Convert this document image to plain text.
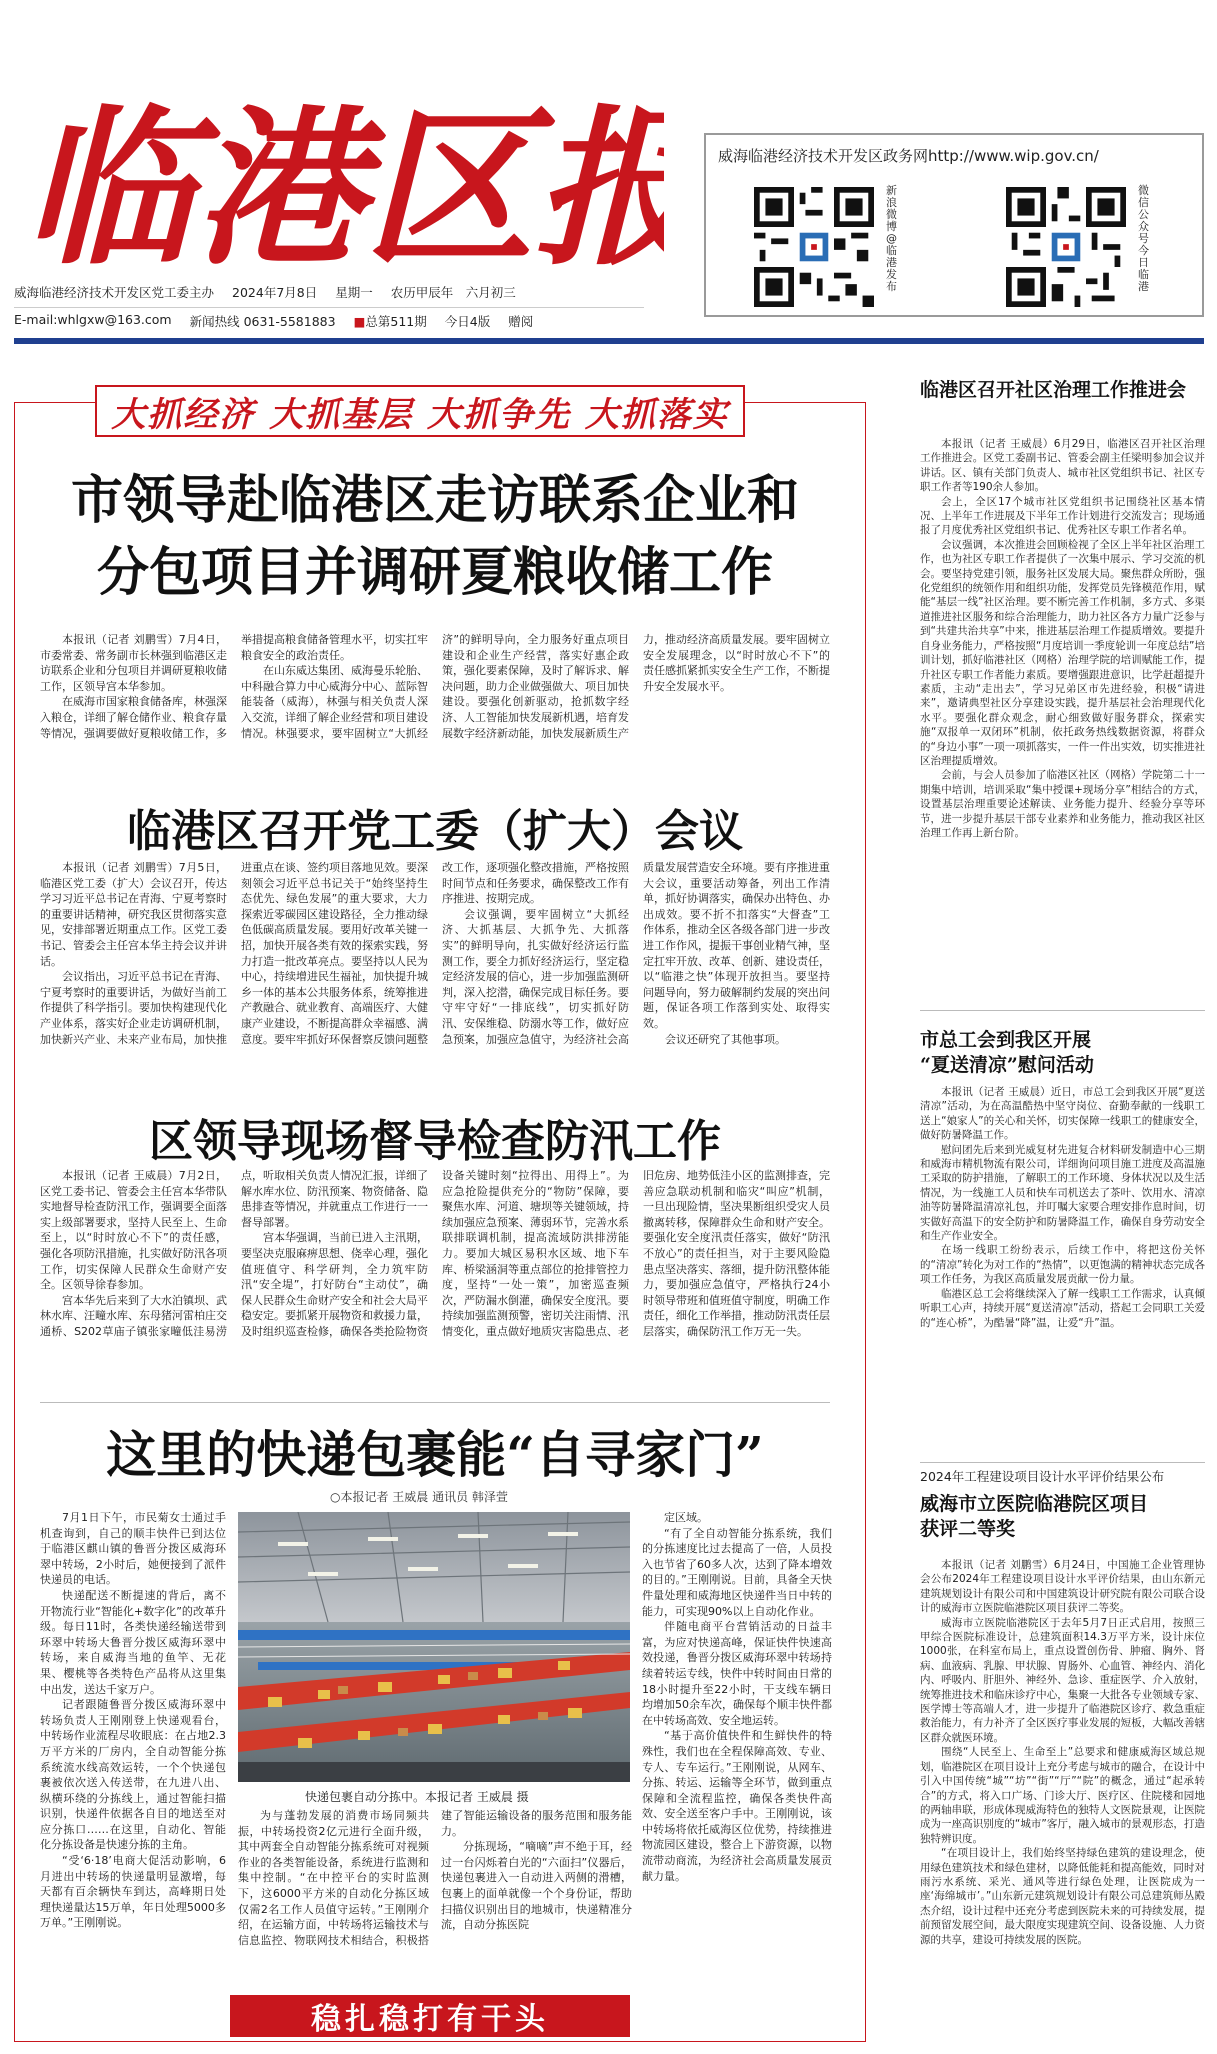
临港区报
威海临港经济技术开发区党工委主办 2024年7月8日 星期一 农历甲辰年　六月初三
E-mail:whlgxw@163.com 新闻热线 0631-5581883 ■总第511期 今日4版 赠阅
威海临港经济技术开发区政务网http://www.wip.gov.cn/
新浪微博@临港发布
微信公众号今日临港
大抓经济 大抓基层 大抓争先 大抓落实
市领导赴临港区走访联系企业和
分包项目并调研夏粮收储工作

本报讯（记者 刘鹏雪）7月4日，市委常委、常务副市长林强到临港区走访联系企业和分包项目并调研夏粮收储工作，区领导宫本华参加。

在威海市国家粮食储备库，林强深入粮仓，详细了解仓储作业、粮食存量等情况，强调要做好夏粮收储工作，多举措提高粮食储备管理水平，切实扛牢粮食安全的政治责任。

在山东威达集团、威海曼乐轮胎、中科融合算力中心威海分中心、蓝际智能装备（威海），林强与相关负责人深入交流，详细了解企业经营和项目建设情况。林强要求，要牢固树立“大抓经济”的鲜明导向，全力服务好重点项目建设和企业生产经营，落实好惠企政策，强化要素保障，及时了解诉求、解决问题，助力企业做强做大、项目加快建设。要强化创新驱动，抢抓数字经济、人工智能加快发展新机遇，培育发展数字经济新动能，加快发展新质生产力，推动经济高质量发展。要牢固树立安全发展理念，以“时时放心不下”的责任感抓紧抓实安全生产工作，不断提升安全发展水平。

临港区召开党工委（扩大）会议

本报讯（记者 刘鹏雪）7月5日，临港区党工委（扩大）会议召开，传达学习习近平总书记在青海、宁夏考察时的重要讲话精神，研究我区贯彻落实意见，安排部署近期重点工作。区党工委书记、管委会主任宫本华主持会议并讲话。

会议指出，习近平总书记在青海、宁夏考察时的重要讲话，为做好当前工作提供了科学指引。要加快构建现代化产业体系，落实好企业走访调研机制，加快新兴产业、未来产业布局，加快推进重点在谈、签约项目落地见效。要深刻领会习近平总书记关于“始终坚持生态优先、绿色发展”的重大要求，大力探索近零碳园区建设路径，全力推动绿色低碳高质量发展。要用好改革关键一招，加快开展各类有效的探索实践，努力打造一批改革亮点。要坚持以人民为中心，持续增进民生福祉，加快提升城乡一体的基本公共服务体系，统筹推进产教融合、就业教育、高端医疗、大健康产业建设，不断提高群众幸福感、满意度。要牢牢抓好环保督察反馈问题整改工作，逐项强化整改措施，严格按照时间节点和任务要求，确保整改工作有序推进、按期完成。

会议强调，要牢固树立“大抓经济、大抓基层、大抓争先、大抓落实”的鲜明导向，扎实做好经济运行监测工作，要全力抓好经济运行，坚定稳定经济发展的信心，进一步加强监测研判，深入挖潜，确保完成目标任务。要守牢守好“一排底线”，切实抓好防汛、安保维稳、防溺水等工作，做好应急预案，加强应急值守，为经济社会高质量发展营造安全环境。要有序推进重大会议，重要活动筹备，列出工作清单，抓好协调落实，确保办出特色、办出成效。要不折不扣落实“大督查”工作体系，推动全区各级各部门进一步改进工作作风，提振干事创业精气神，坚定扛牢开放、改革、创新、建设责任，以“临港之快”体现开放担当。要坚持问题导向，努力破解制约发展的突出问题，保证各项工作落到实处、取得实效。

会议还研究了其他事项。

区领导现场督导检查防汛工作

本报讯（记者 王威晨）7月2日，区党工委书记、管委会主任宫本华带队实地督导检查防汛工作，强调要全面落实上级部署要求，坚持人民至上、生命至上，以“时时放心不下”的责任感，强化各项防汛措施，扎实做好防汛各项工作，切实保障人民群众生命财产安全。区领导徐春参加。

宫本华先后来到了大水泊镇坝、武林水库、汪疃水库、东母猪河雷柏庄交通桥、S202草庙子镇张家疃低洼易涝点，听取相关负责人情况汇报，详细了解水库水位、防汛预案、物资储备、隐患排查等情况，并就重点工作进行一一督导部署。

宫本华强调，当前已进入主汛期，要坚决克服麻痹思想、侥幸心理，强化值班值守、科学研判，全力筑牢防汛“安全堤”，打好防台“主动仗”，确保人民群众生命财产安全和社会大局平稳安定。要抓紧开展物资和救援力量，及时组织巡查检修，确保各类抢险物资设备关键时刻“拉得出、用得上”。为应急抢险提供充分的“物防”保障，要聚焦水库、河道、塘坝等关键领域，持续加强应急预案、薄弱环节，完善水系联排联调机制，提高流域防洪排涝能力。要加大城区易积水区域、地下车库、桥梁涵洞等重点部位的抢排管控力度，坚持“一处一策”，加密巡查频次，严防漏水倒灌，确保安全度汛。要持续加强监测预警，密切关注雨情、汛情变化，重点做好地质灾害隐患点、老旧危房、地势低洼小区的监测排查，完善应急联动机制和临灾“叫应”机制，一旦出现险情，坚决果断组织受灾人员撤离转移，保障群众生命和财产安全。要强化安全度汛责任落实，做好“防汛不放心”的责任担当，对于主要风险隐患点坚决落实、落细，提升防汛整体能力，要加强应急值守，严格执行24小时领导带班和值班值守制度，明确工作责任，细化工作举措，推动防汛责任层层落实，确保防汛工作万无一失。

这里的快递包裹能“自寻家门”
○本报记者 王威晨 通讯员 韩泽萱

7月1日下午，市民菊女士通过手机查询到，自己的顺丰快件已到达位于临港区麒山镇的鲁晋分拨区威海环翠中转场，2小时后，她便接到了派件快递员的电话。

快递配送不断提速的背后，离不开物流行业“智能化+数字化”的改革升级。每日11时，各类快递经输送带到环翠中转场大鲁晋分拨区威海环翠中转场，来自威海当地的鱼竿、无花果、樱桃等各类特色产品将从这里集中出发，送达千家万户。

记者跟随鲁晋分拨区威海环翠中转场负责人王刚刚登上快递观看台，中转场作业流程尽收眼底：在占地2.3万平方米的厂房内，全自动智能分拣系统流水线高效运转，一个个快递包裹被依次送入传送带，在九进八出、纵横环绕的分拣线上，通过智能扫描识别，快递件依据各自目的地送至对应分拣口……在这里，自动化、智能化分拣设备是快速分拣的主角。

“受‘6·18’电商大促活动影响，6月进出中转场的快递量明显激增，每天都有百余辆快车到达，高峰期日处理快递量达15万单，年日处理5000多万单。”王刚刚说。

快递包裹自动分拣中。本报记者 王威晨 摄

为与蓬勃发展的消费市场同频共振，中转场投资2亿元进行全面升级，其中两套全自动智能分拣系统可对视频作业的各类智能设备，系统进行监测和集中控制。“在中控平台的实时监测下，这6000平方米的自动化分拣区域仅需2名工作人员值守运转。”王刚刚介绍，在运输方面，中转场将运输技术与信息监控、物联网技术相结合，积极搭建了智能运输设备的服务范围和服务能力。

分拣现场，“嘀嘀”声不绝于耳，经过一台闪烁着白光的“六面扫”仪器后，快递包裹进入一自动进入两侧的滑槽，包裹上的面单就像一个个身份证，帮助扫描仪识别出目的地城市，快递精准分流，自动分拣医院

定区域。

“有了全自动智能分拣系统，我们的分拣速度比过去提高了一倍，人员投入也节省了60多人次，达到了降本增效的目的。”王刚刚说。目前，具备全天快件量处理和威海地区快递件当日中转的能力，可实现90%以上自动化作业。

伴随电商平台营销活动的日益丰富，为应对快递高峰，保证快件快速高效投递，鲁晋分拨区威海环翠中转场持续着转运专线，快件中转时间由日常的18小时提升至22小时，干支线车辆日均增加50余车次，确保每个顺丰快件都在中转场高效、安全地运转。

“基于高价值快件和生鲜快件的特殊性，我们也在全程保障高效、专业、专人、专车运行。”王刚刚说，从网车、分拣、转运、运输等全环节，做到重点保障和全流程监控，确保各类快件高效、安全送至客户手中。王刚刚说，该中转场将依托威海区位优势，持续推进物流园区建设，整合上下游资源，以物流带动商流，为经济社会高质量发展贡献力量。

稳扎稳打有干头
临港区召开社区治理工作推进会

本报讯（记者 王威晨）6月29日，临港区召开社区治理工作推进会。区党工委副书记、管委会副主任梁明参加会议并讲话。区、镇有关部门负责人、城市社区党组织书记、社区专职工作者等190余人参加。

会上，全区17个城市社区党组织书记围绕社区基本情况、上半年工作进展及下半年工作计划进行交流发言；现场通报了月度优秀社区党组织书记、优秀社区专职工作者名单。

会议强调，本次推进会回顾检视了全区上半年社区治理工作，也为社区专职工作者提供了一次集中展示、学习交流的机会。要坚持党建引领，服务社区发展大局。聚焦群众所盼，强化党组织的统领作用和组织功能，发挥党员先锋模范作用，赋能“基层一线”社区治理。要不断完善工作机制，多方式、多渠道推进社区服务和综合治理能力，助力社区各方力量广泛参与到“共建共治共享”中来，推进基层治理工作提质增效。要提升自身业务能力，严格按照“月度培训一季度轮训一年度总结”培训计划，抓好临港社区（网格）治理学院的培训赋能工作，提升社区专职工作者能力素质。要增强跟进意识，比学赶超提升素质，主动“走出去”，学习兄弟区市先进经验，积极“请进来”，邀请典型社区分享建设实践，提升基层社会治理现代化水平。要强化群众观念，耐心细致做好服务群众，探索实施“双报单一双闭环”机制，依托政务热线数据资源，将群众的“身边小事”一项一项抓落实，一件一件出实效，切实推进社区治理提质增效。

会前，与会人员参加了临港区社区（网格）学院第二十一期集中培训，培训采取“集中授课+现场分享”相结合的方式，设置基层治理重要论述解读、业务能力提升、经验分享等环节，进一步提升基层干部专业素养和业务能力，推动我区社区治理工作再上新台阶。

市总工会到我区开展
“夏送清凉”慰问活动

本报讯（记者 王威晨）近日，市总工会到我区开展“夏送清凉”活动，为在高温酷热中坚守岗位、奋勤奉献的一线职工送上“娘家人”的关心和关怀，切实保障一线职工的健康安全，做好防暑降温工作。

慰问团先后来到光威复材先进复合材料研发制造中心三期和威海市精机物流有限公司，详细询问项目施工进度及高温施工采取的防护措施，了解职工的工作环境、身体状况以及生活情况，为一线施工人员和快车司机送去了茶叶、饮用水、清凉油等防暑降温清凉礼包，并叮嘱大家要合理安排作息时间，切实做好高温下的安全防护和防暑降温工作，确保自身劳动安全和生产作业安全。

在场一线职工纷纷表示，后续工作中，将把这份关怀的“清凉”转化为对工作的“热情”，以更饱满的精神状态完成各项工作任务，为我区高质量发展贡献一份力量。

临港区总工会将继续深入了解一线职工工作需求，认真倾听职工心声，持续开展“夏送清凉”活动，搭起工会同职工关爱的“连心桥”，为酷暑“降”温，让爱“升”温。

2024年工程建设项目设计水平评价结果公布
威海市立医院临港院区项目
获评二等奖

本报讯（记者 刘鹏雪）6月24日，中国施工企业管理协会公布2024年工程建设项目设计水平评价结果，由山东新元建筑规划设计有限公司和中国建筑设计研究院有限公司联合设计的威海市立医院临港院区项目获评二等奖。

威海市立医院临港院区于去年5月7日正式启用，按照三甲综合医院标准设计，总建筑面积14.3万平方米，设计床位1000张，在科室布局上，重点设置创伤骨、肿瘤、胸外、肾病、血液病、乳腺、甲状腺、胃肠外、心血管、神经内、消化内、呼吸内、肝胆外、神经外、急诊、重症医学、介入放射，统筹推进技术和临床诊疗中心，集聚一大批各专业领域专家、医学博士等高端人才，进一步提升了临港院区诊疗、救急重症救治能力，有力补齐了全区医疗事业发展的短板，大幅改善辖区群众就医环境。

围绕“人民至上、生命至上”总要求和健康威海区域总规划，临港院区在项目设计上充分考虑与城市的融合，在设计中引入中国传统“城”“坊”“街”“厅”“院”的概念，通过“起承转合”的方式，将入口广场、门诊大厅、医疗区、住院楼和园地的两轴串联，形成体现威海特色的独特人文医院景观，让医院成为一座高识别度的“城市”客厅，融入城市的景观形态，打造独特辨识度。

“在项目设计上，我们始终坚持绿色建筑的建设理念，使用绿色建筑技术和绿色建材，以降低能耗和提高能效，同时对雨污水系统、采光、通风等进行绿色处理，让医院成为一座‘海绵城市’。”山东新元建筑规划设计有限公司总建筑师丛殿杰介绍，设计过程中还充分考虑到医院未来的可持续发展，提前预留发展空间，最大限度实现建筑空间、设备设施、人力资源的共享，建设可持续发展的医院。
